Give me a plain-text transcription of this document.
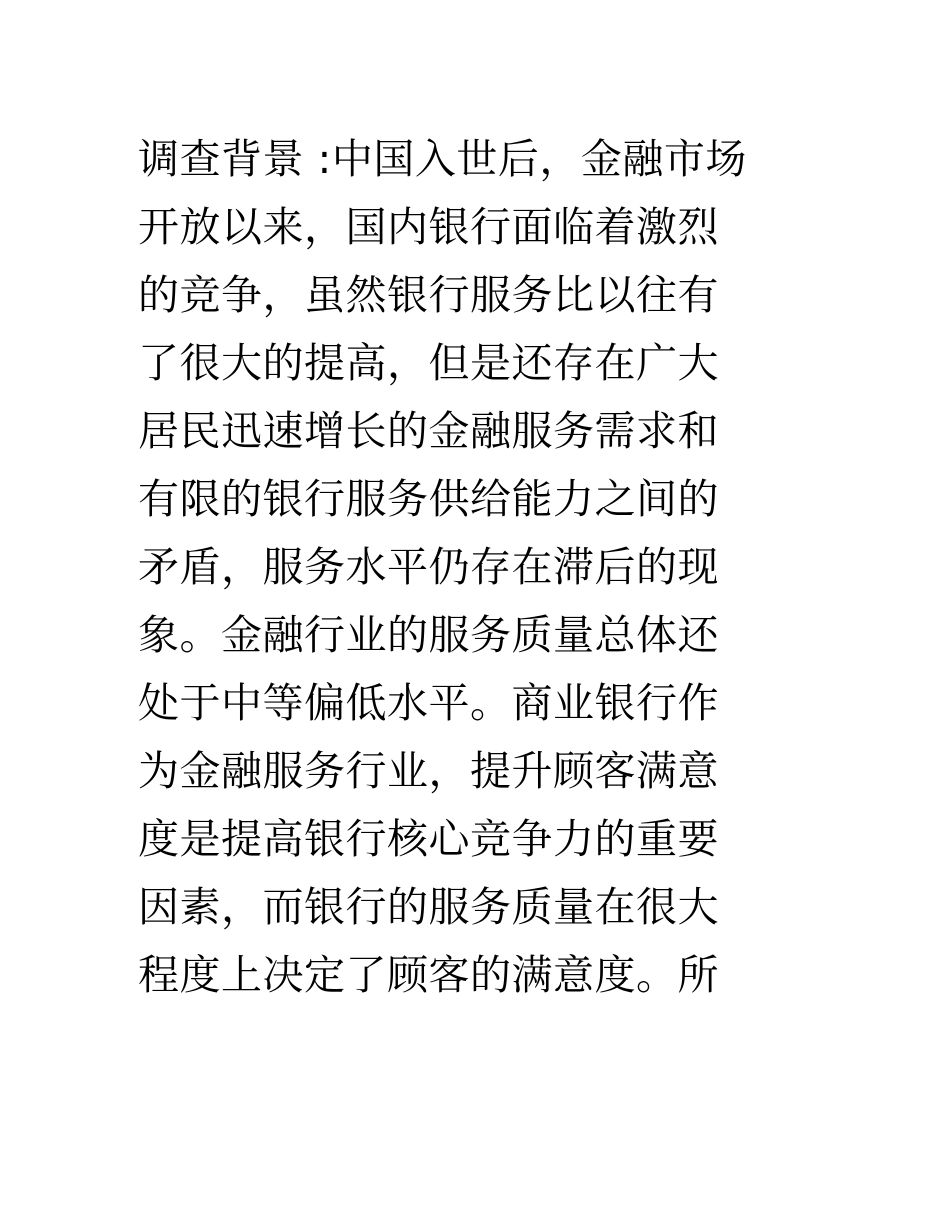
调查背景 :中国入世后，金融市场
开放以来，国内银行面临着激烈
的竞争，虽然银行服务比以往有
了很大的提高，但是还存在广大
居民迅速增长的金融服务需求和
有限的银行服务供给能力之间的
矛盾，服务水平仍存在滞后的现
象。金融行业的服务质量总体还
处于中等偏低水平。商业银行作
为金融服务行业，提升顾客满意
度是提高银行核心竞争力的重要
因素，而银行的服务质量在很大
程度上决定了顾客的满意度。所
